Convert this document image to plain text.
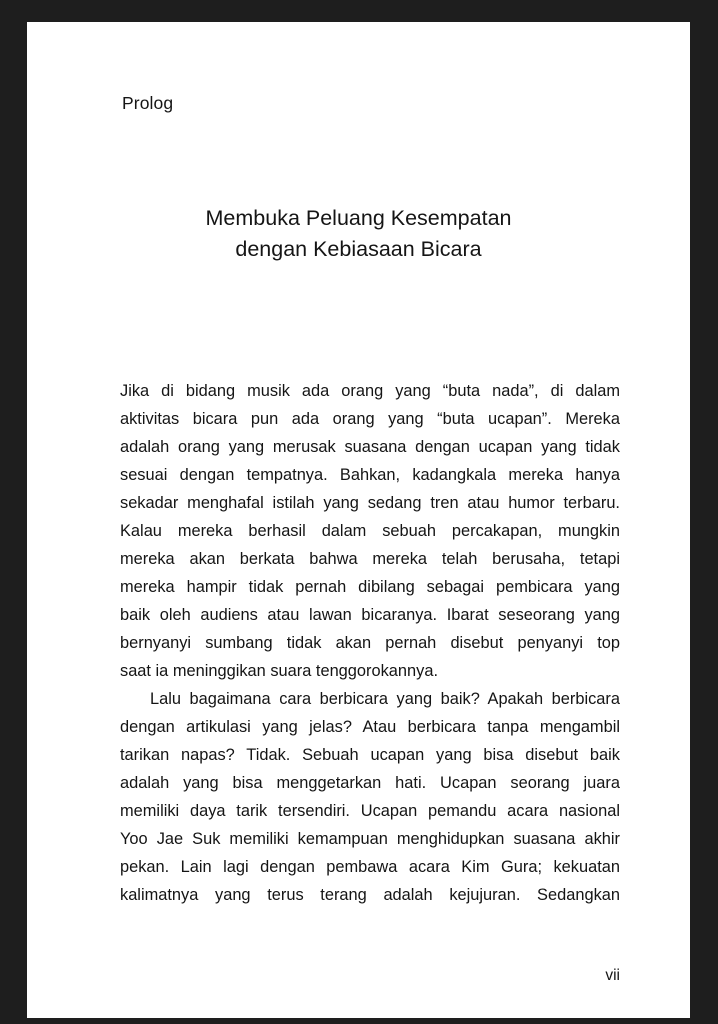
Prolog
Membuka Peluang Kesempatan
dengan Kebiasaan Bicara
Jika di bidang musik ada orang yang “buta nada”, di dalam
aktivitas bicara pun ada orang yang “buta ucapan”. Mereka
adalah orang yang merusak suasana dengan ucapan yang tidak
sesuai dengan tempatnya. Bahkan, kadangkala mereka hanya
sekadar menghafal istilah yang sedang tren atau humor terbaru.
Kalau mereka berhasil dalam sebuah percakapan, mungkin
mereka akan berkata bahwa mereka telah berusaha, tetapi
mereka hampir tidak pernah dibilang sebagai pembicara yang
baik oleh audiens atau lawan bicaranya. Ibarat seseorang yang
bernyanyi sumbang tidak akan pernah disebut penyanyi top
saat ia meninggikan suara tenggorokannya.
Lalu bagaimana cara berbicara yang baik? Apakah berbicara
dengan artikulasi yang jelas? Atau berbicara tanpa mengambil
tarikan napas? Tidak. Sebuah ucapan yang bisa disebut baik
adalah yang bisa menggetarkan hati. Ucapan seorang juara
memiliki daya tarik tersendiri. Ucapan pemandu acara nasional
Yoo Jae Suk memiliki kemampuan menghidupkan suasana akhir
pekan. Lain lagi dengan pembawa acara Kim Gura; kekuatan
kalimatnya yang terus terang adalah kejujuran. Sedangkan
vii
